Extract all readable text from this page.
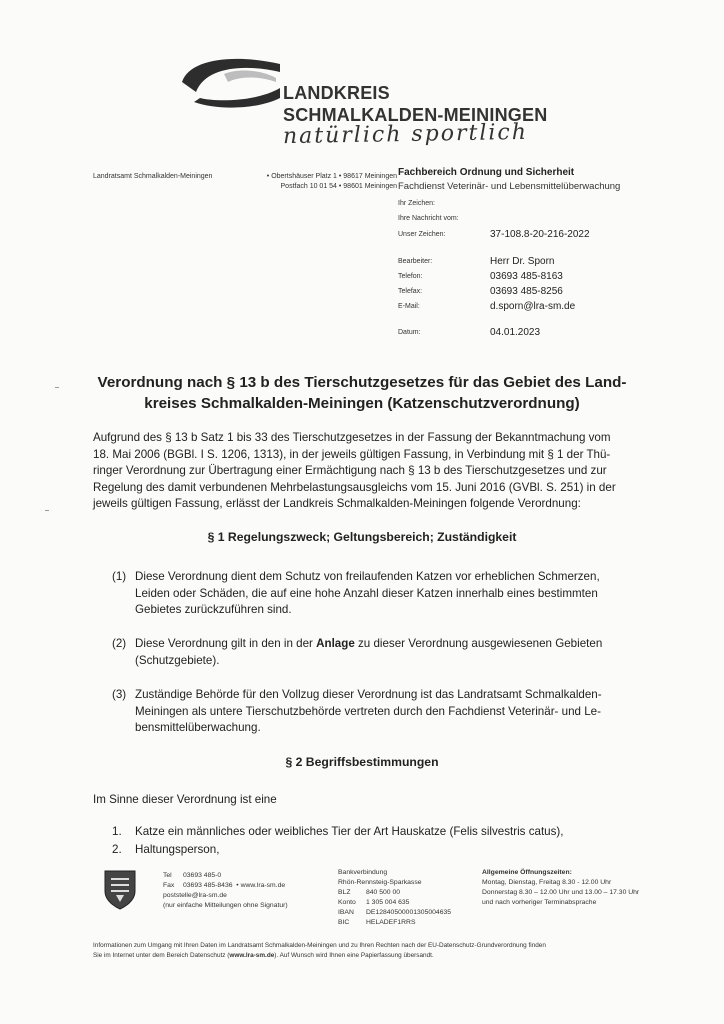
LANDKREIS
SCHMALKALDEN-MEININGEN
natürlich sportlich
Landratsamt Schmalkalden-Meiningen	• Obertshäuser Platz 1 • 98617 Meiningen
Postfach 10 01 54 • 98601 Meiningen
Fachbereich Ordnung und Sicherheit
Fachdienst Veterinär- und Lebensmittelüberwachung
Ihr Zeichen:
Ihre Nachricht vom:
Unser Zeichen:	37-108.8-20-216-2022
Bearbeiter:	Herr Dr. Sporn
Telefon:	03693 485-8163
Telefax:	03693 485-8256
E-Mail:	d.sporn@lra-sm.de
Datum:	04.01.2023
Verordnung nach § 13 b des Tierschutzgesetzes für das Gebiet des Land-
kreises Schmalkalden-Meiningen (Katzenschutzverordnung)
Aufgrund des § 13 b Satz 1 bis 33 des Tierschutzgesetzes in der Fassung der Bekanntmachung vom
18. Mai 2006 (BGBl. I S. 1206, 1313), in der jeweils gültigen Fassung, in Verbindung mit § 1 der Thü-
ringer Verordnung zur Übertragung einer Ermächtigung nach § 13 b des Tierschutzgesetzes und zur
Regelung des damit verbundenen Mehrbelastungsausgleichs vom 15. Juni 2016 (GVBl. S. 251) in der
jeweils gültigen Fassung, erlässt der Landkreis Schmalkalden-Meiningen folgende Verordnung:
§ 1 Regelungszweck; Geltungsbereich; Zuständigkeit
(1) Diese Verordnung dient dem Schutz von freilaufenden Katzen vor erheblichen Schmerzen,
Leiden oder Schäden, die auf eine hohe Anzahl dieser Katzen innerhalb eines bestimmten
Gebietes zurückzuführen sind.
(2) Diese Verordnung gilt in den in der Anlage zu dieser Verordnung ausgewiesenen Gebieten
(Schutzgebiete).
(3) Zuständige Behörde für den Vollzug dieser Verordnung ist das Landratsamt Schmalkalden-
Meiningen als untere Tierschutzbehörde vertreten durch den Fachdienst Veterinär- und Le-
bensmittelüberwachung.
§ 2 Begriffsbestimmungen
Im Sinne dieser Verordnung ist eine
1. Katze ein männliches oder weibliches Tier der Art Hauskatze (Felis silvestris catus),
2. Haltungsperson,
Tel 03693 485-0
Fax 03693 485-8436 • www.lra-sm.de
poststelle@lra-sm.de
(nur einfache Mitteilungen ohne Signatur)
Bankverbindung
Rhön-Rennsteig-Sparkasse
BLZ 840 500 00
Konto 1 305 004 635
IBAN DE12840500001305004635
BIC HELADEF1RRS
Allgemeine Öffnungszeiten:
Montag, Dienstag, Freitag 8.30 - 12.00 Uhr
Donnerstag 8.30 – 12.00 Uhr und 13.00 – 17.30 Uhr
und nach vorheriger Terminabsprache
Informationen zum Umgang mit Ihren Daten im Landratsamt Schmalkalden-Meiningen und zu Ihren Rechten nach der EU-Datenschutz-Grundverordnung finden
Sie im Internet unter dem Bereich Datenschutz (www.lra-sm.de). Auf Wunsch wird Ihnen eine Papierfassung übersandt.
